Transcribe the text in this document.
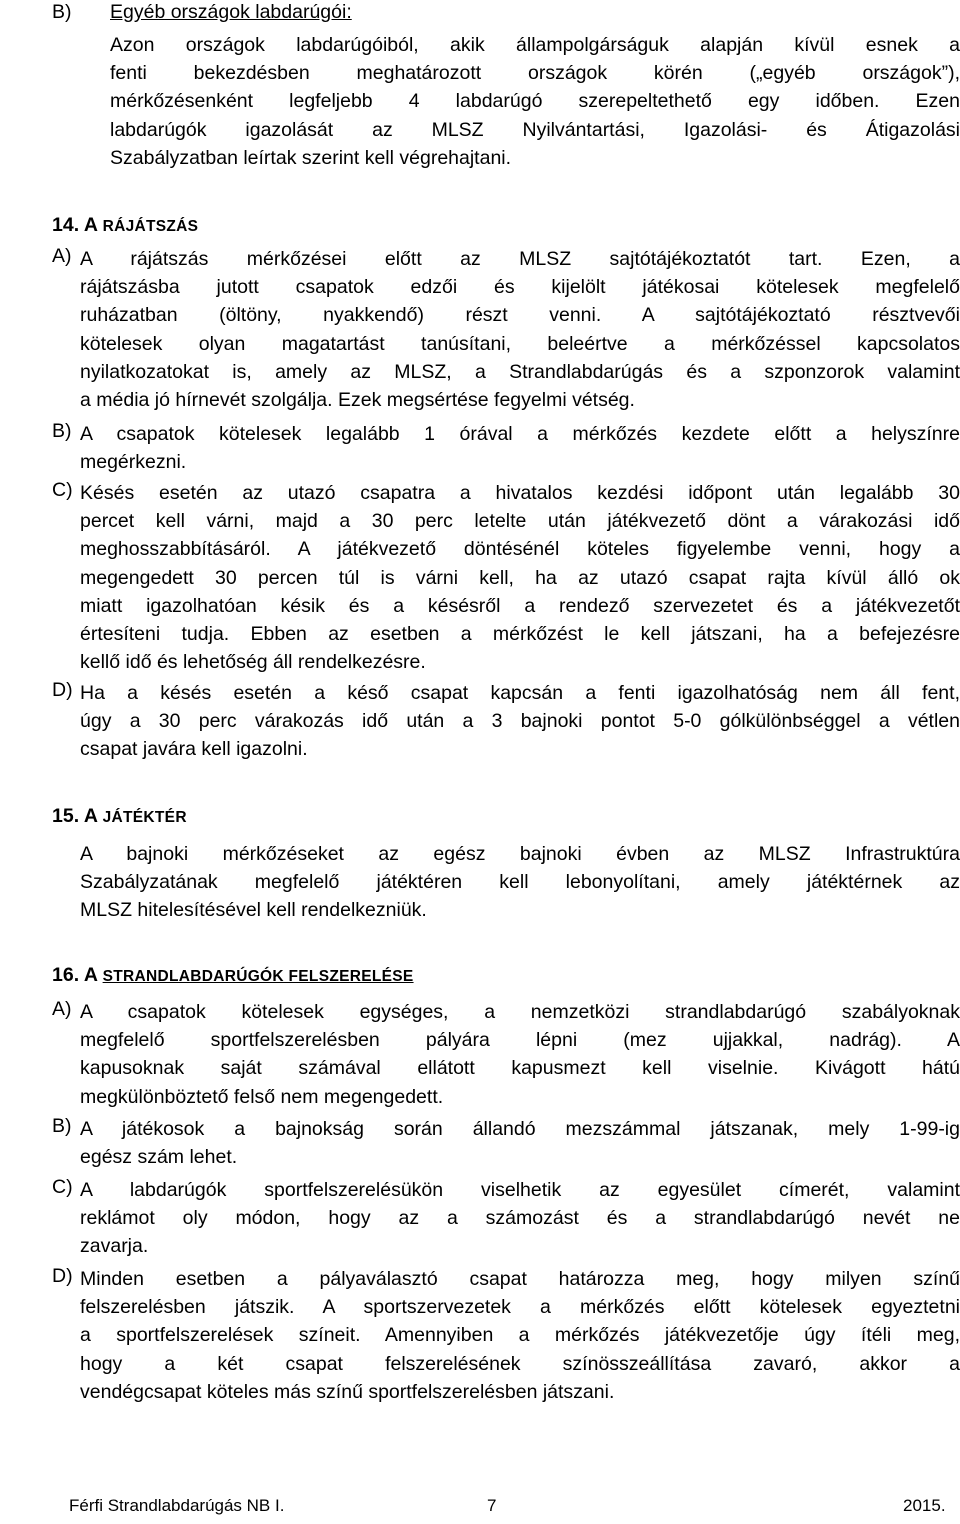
B) Egyéb országok labdarúgói:
Azon országok labdarúgóiból, akik állampolgárságuk alapján kívül esnek a
fenti bekezdésben meghatározott országok körén („egyéb országok”),
mérkőzésenként legfeljebb 4 labdarúgó szerepeltethető egy időben. Ezen
labdarúgók igazolását az MLSZ Nyilvántartási, Igazolási- és Átigazolási
Szabályzatban leírtak szerint kell végrehajtani.
14. A RÁJÁTSZÁS
A) A rájátszás mérkőzései előtt az MLSZ sajtótájékoztatót tart. Ezen, a
rájátszásba jutott csapatok edzői és kijelölt játékosai kötelesek megfelelő
ruházatban (öltöny, nyakkendő) részt venni. A sajtótájékoztató résztvevői
kötelesek olyan magatartást tanúsítani, beleértve a mérkőzéssel kapcsolatos
nyilatkozatokat is, amely az MLSZ, a Strandlabdarúgás és a szponzorok valamint
a média jó hírnevét szolgálja. Ezek megsértése fegyelmi vétség.
B) A csapatok kötelesek legalább 1 órával a mérkőzés kezdete előtt a helyszínre
megérkezni.
C) Késés esetén az utazó csapatra a hivatalos kezdési időpont után legalább 30
percet kell várni, majd a 30 perc letelte után játékvezető dönt a várakozási idő
meghosszabbításáról. A játékvezető döntésénél köteles figyelembe venni, hogy a
megengedett 30 percen túl is várni kell, ha az utazó csapat rajta kívül álló ok
miatt igazolhatóan késik és a késésről a rendező szervezetet és a játékvezetőt
értesíteni tudja. Ebben az esetben a mérkőzést le kell játszani, ha a befejezésre
kellő idő és lehetőség áll rendelkezésre.
D) Ha a késés esetén a késő csapat kapcsán a fenti igazolhatóság nem áll fent,
úgy a 30 perc várakozás idő után a 3 bajnoki pontot 5-0 gólkülönbséggel a vétlen
csapat javára kell igazolni.
15. A JÁTÉKTÉR
A bajnoki mérkőzéseket az egész bajnoki évben az MLSZ Infrastruktúra
Szabályzatának megfelelő játéktéren kell lebonyolítani, amely játéktérnek az
MLSZ hitelesítésével kell rendelkezniük.
16. A STRANDLABDARÚGÓK FELSZERELÉSE
A) A csapatok kötelesek egységes, a nemzetközi strandlabdarúgó szabályoknak
megfelelő sportfelszerelésben pályára lépni (mez ujjakkal, nadrág). A
kapusoknak saját számával ellátott kapusmezt kell viselnie. Kivágott hátú
megkülönböztető felső nem megengedett.
B) A játékosok a bajnokság során állandó mezszámmal játszanak, mely 1-99-ig
egész szám lehet.
C) A labdarúgók sportfelszerelésükön viselhetik az egyesület címerét, valamint
reklámot oly módon, hogy az a számozást és a strandlabdarúgó nevét ne
zavarja.
D) Minden esetben a pályaválasztó csapat határozza meg, hogy milyen színű
felszerelésben játszik. A sportszervezetek a mérkőzés előtt kötelesek egyeztetni
a sportfelszerelések színeit. Amennyiben a mérkőzés játékvezetője úgy ítéli meg,
hogy a két csapat felszerelésének színösszeállítása zavaró, akkor a
vendégcsapat köteles más színű sportfelszerelésben játszani.
Férfi Strandlabdarúgás NB I.	7	2015.
